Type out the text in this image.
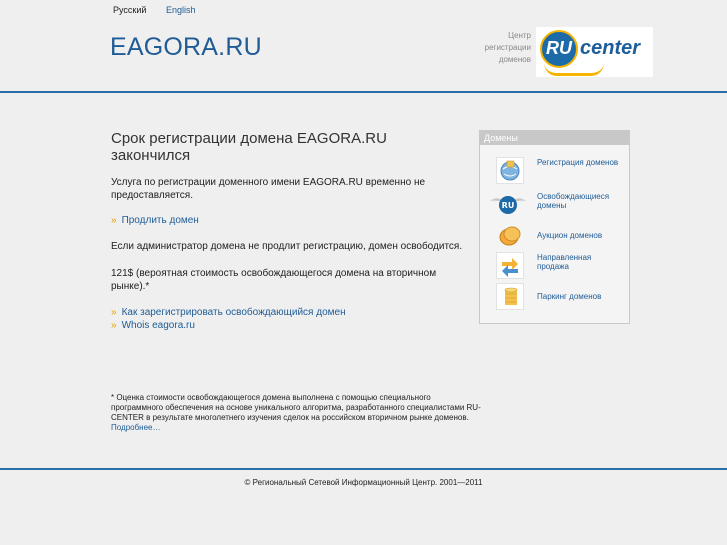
Русский English
EAGORA.RU	Центр регистрации доменов
RU center
Срок регистрации домена EAGORA.RU закончился

Услуга по регистрации доменного имени EAGORA.RU временно не предоставляется.

» Продлить домен

Если администратор домена не продлит регистрацию, домен освободится.

121$ (вероятная стоимость освобождающегося домена на вторичном рынке).*

» Как зарегистрировать освобождающийся домен
» Whois eagora.ru

* Оценка стоимости освобождающегося домена выполнена с помощью специального программного обеспечения на основе уникального алгоритма, разработанного специалистами RU-CENTER в результате многолетнего изучения сделок на российском вторичном рынке доменов. Подробнее…

© Региональный Сетевой Информационный Центр. 2001—2011
Домены
Регистрация доменов
RU
Освобождающиеся домены
Аукцион доменов
Направленная продажа
Паркинг доменов
